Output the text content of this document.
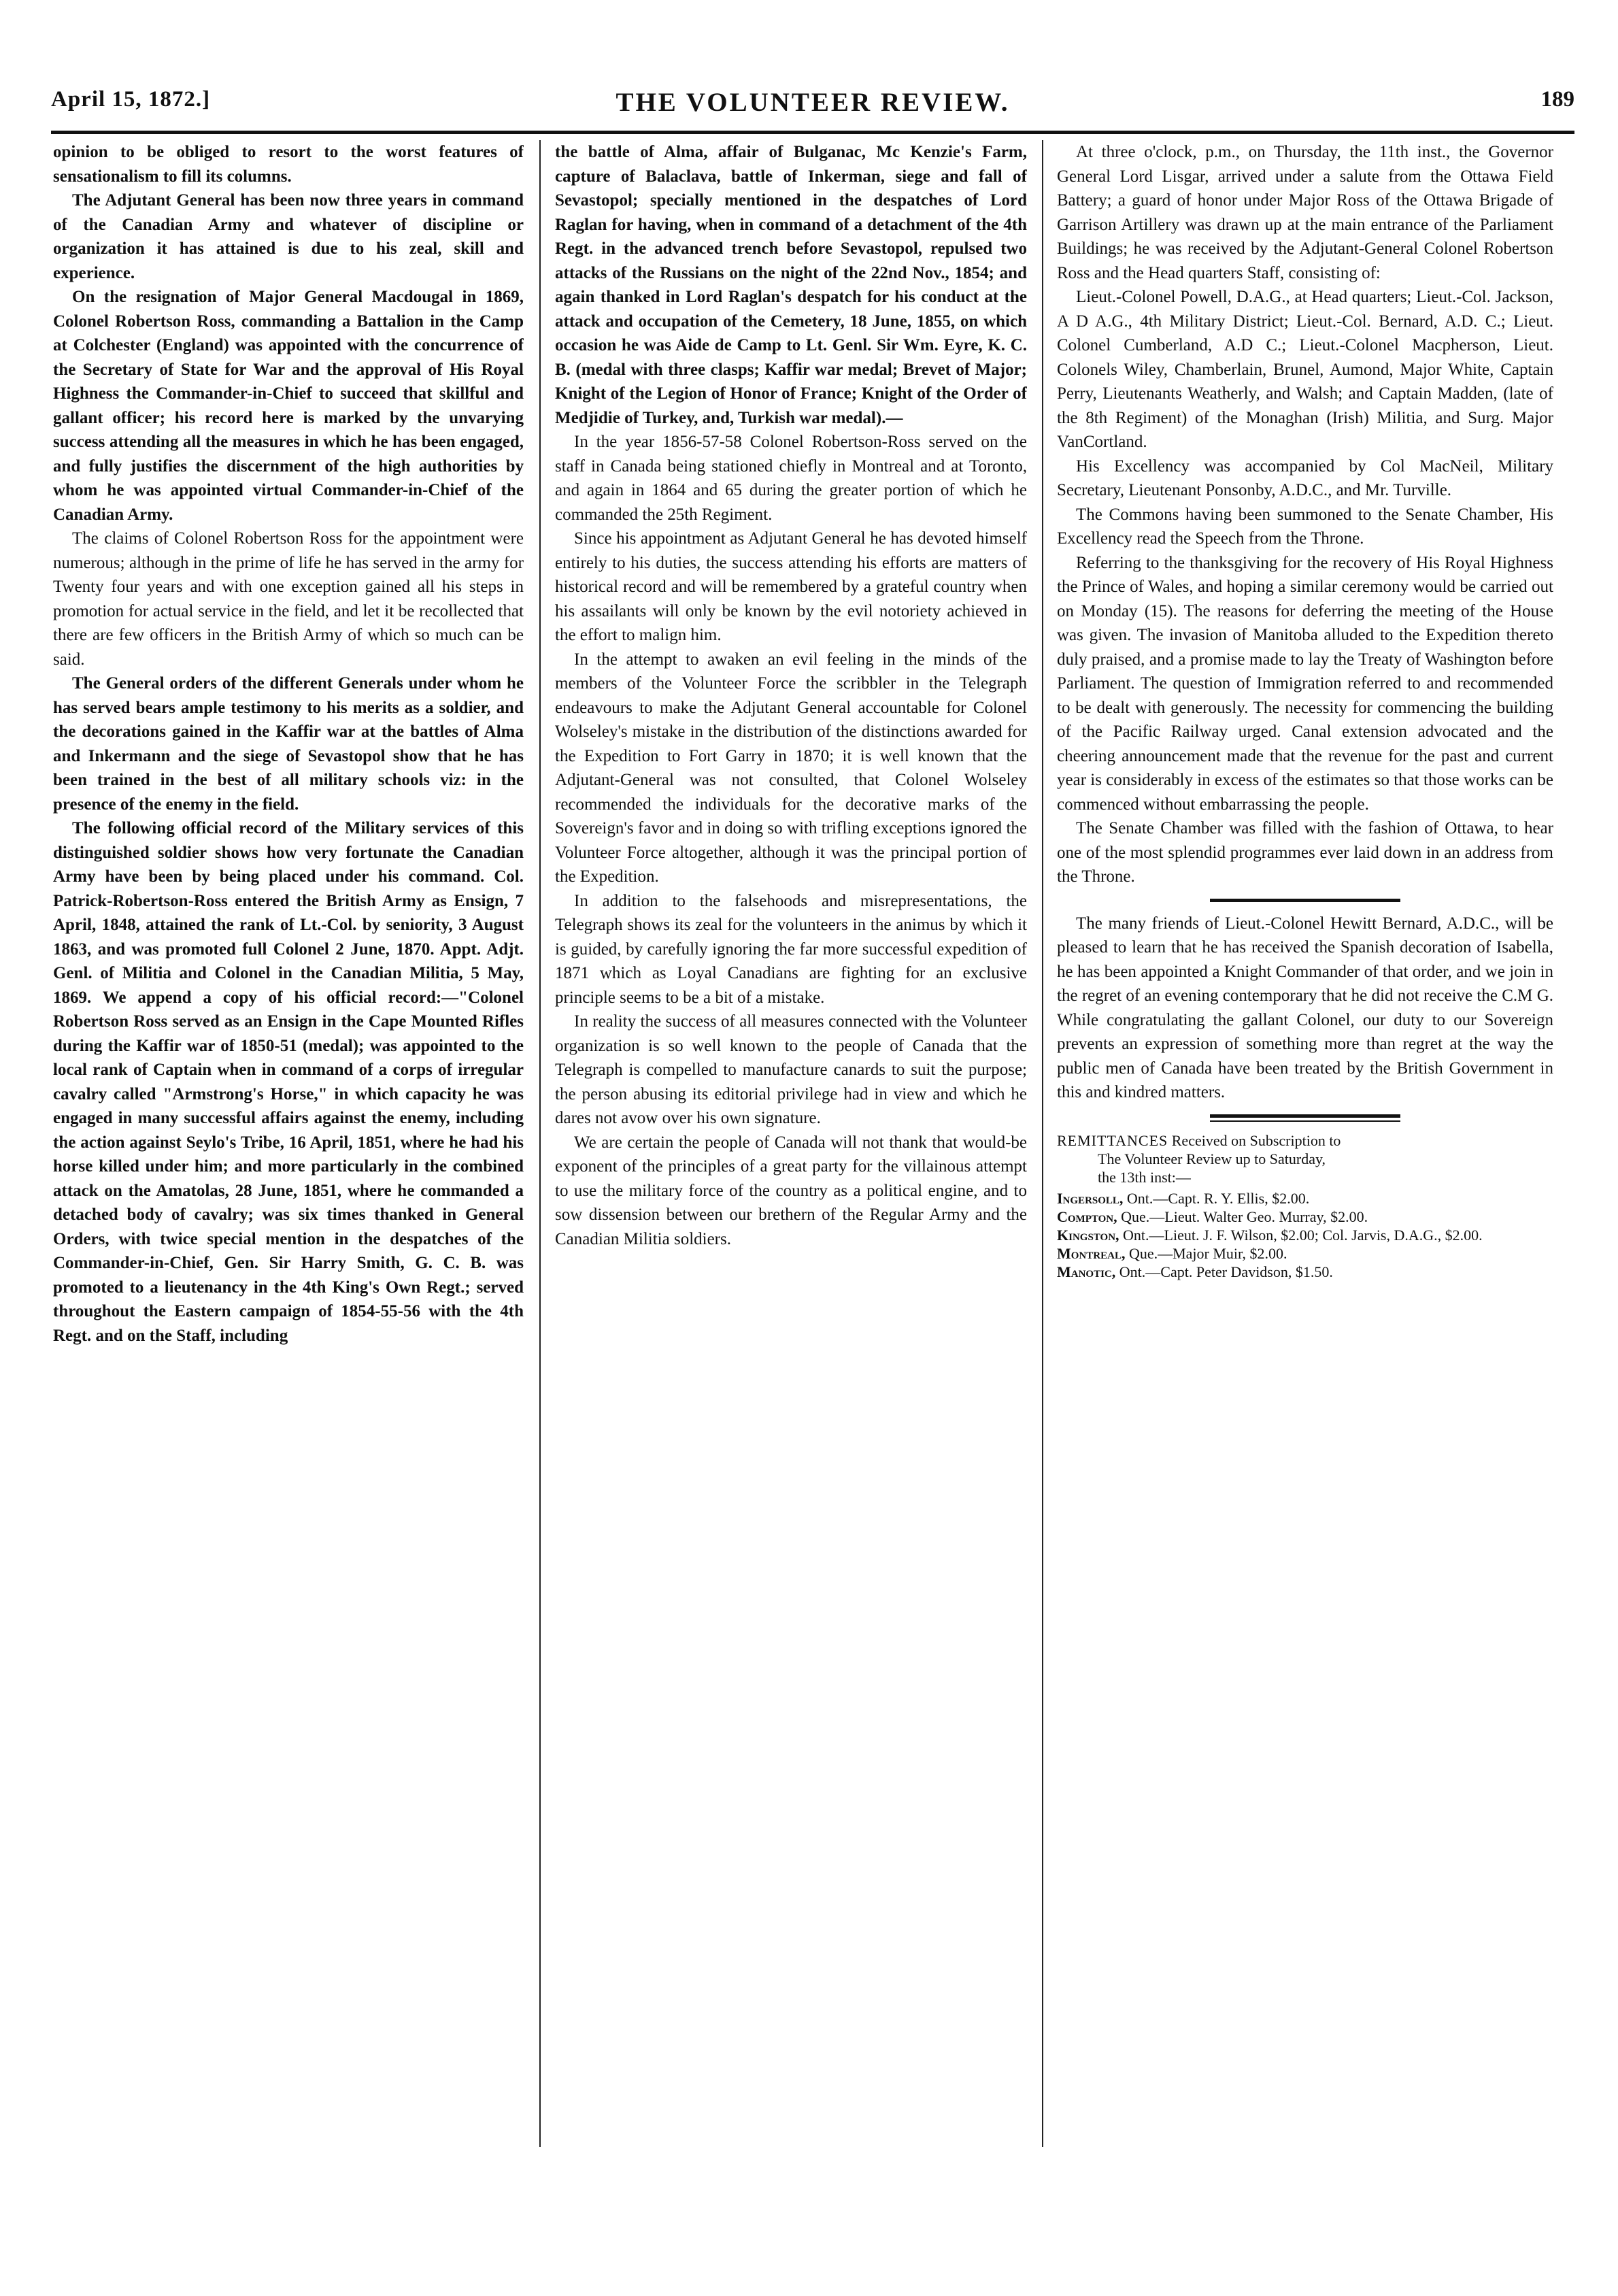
April 15, 1872.]	THE VOLUNTEER REVIEW.	189

opinion to be obliged to resort to the worst features of sensationalism to fill its columns.

The Adjutant General has been now three years in command of the Canadian Army and whatever of discipline or organization it has attained is due to his zeal, skill and experience.

On the resignation of Major General Macdougal in 1869, Colonel Robertson Ross, commanding a Battalion in the Camp at Colchester (England) was appointed with the concurrence of the Secretary of State for War and the approval of His Royal Highness the Commander-in-Chief to succeed that skillful and gallant officer; his record here is marked by the unvarying success attending all the measures in which he has been engaged, and fully justifies the discernment of the high authorities by whom he was appointed virtual Commander-in-Chief of the Canadian Army.

The claims of Colonel Robertson Ross for the appointment were numerous; although in the prime of life he has served in the army for Twenty four years and with one exception gained all his steps in promotion for actual service in the field, and let it be recollected that there are few officers in the British Army of which so much can be said.

The General orders of the different Generals under whom he has served bears ample testimony to his merits as a soldier, and the decorations gained in the Kaffir war at the battles of Alma and Inkermann and the siege of Sevastopol show that he has been trained in the best of all military schools viz: in the presence of the enemy in the field.

The following official record of the Military services of this distinguished soldier shows how very fortunate the Canadian Army have been by being placed under his command. Col. Patrick-Robertson-Ross entered the British Army as Ensign, 7 April, 1848, attained the rank of Lt.-Col. by seniority, 3 August 1863, and was promoted full Colonel 2 June, 1870. Appt. Adjt. Genl. of Militia and Colonel in the Canadian Militia, 5 May, 1869. We append a copy of his official record:—"Colonel Robertson Ross served as an Ensign in the Cape Mounted Rifles during the Kaffir war of 1850-51 (medal); was appointed to the local rank of Captain when in command of a corps of irregular cavalry called "Armstrong's Horse," in which capacity he was engaged in many successful affairs against the enemy, including the action against Seylo's Tribe, 16 April, 1851, where he had his horse killed under him; and more particularly in the combined attack on the Amatolas, 28 June, 1851, where he commanded a detached body of cavalry; was six times thanked in General Orders, with twice special mention in the despatches of the Commander-in-Chief, Gen. Sir Harry Smith, G. C. B. was promoted to a lieutenancy in the 4th King's Own Regt.; served throughout the Eastern campaign of 1854-55-56 with the 4th Regt. and on the Staff, including

the battle of Alma, affair of Bulganac, Mc Kenzie's Farm, capture of Balaclava, battle of Inkerman, siege and fall of Sevastopol; specially mentioned in the despatches of Lord Raglan for having, when in command of a detachment of the 4th Regt. in the advanced trench before Sevastopol, repulsed two attacks of the Russians on the night of the 22nd Nov., 1854; and again thanked in Lord Raglan's despatch for his conduct at the attack and occupation of the Cemetery, 18 June, 1855, on which occasion he was Aide de Camp to Lt. Genl. Sir Wm. Eyre, K. C. B. (medal with three clasps; Kaffir war medal; Brevet of Major; Knight of the Legion of Honor of France; Knight of the Order of Medjidie of Turkey, and, Turkish war medal).—

In the year 1856-57-58 Colonel Robertson-Ross served on the staff in Canada being stationed chiefly in Montreal and at Toronto, and again in 1864 and 65 during the greater portion of which he commanded the 25th Regiment.

Since his appointment as Adjutant General he has devoted himself entirely to his duties, the success attending his efforts are matters of historical record and will be remembered by a grateful country when his assailants will only be known by the evil notoriety achieved in the effort to malign him.

In the attempt to awaken an evil feeling in the minds of the members of the Volunteer Force the scribbler in the Telegraph endeavours to make the Adjutant General accountable for Colonel Wolseley's mistake in the distribution of the distinctions awarded for the Expedition to Fort Garry in 1870; it is well known that the Adjutant-General was not consulted, that Colonel Wolseley recommended the individuals for the decorative marks of the Sovereign's favor and in doing so with trifling exceptions ignored the Volunteer Force altogether, although it was the principal portion of the Expedition.

In addition to the falsehoods and misrepresentations, the Telegraph shows its zeal for the volunteers in the animus by which it is guided, by carefully ignoring the far more successful expedition of 1871 which as Loyal Canadians are fighting for an exclusive principle seems to be a bit of a mistake.

In reality the success of all measures connected with the Volunteer organization is so well known to the people of Canada that the Telegraph is compelled to manufacture canards to suit the purpose; the person abusing its editorial privilege had in view and which he dares not avow over his own signature.

We are certain the people of Canada will not thank that would-be exponent of the principles of a great party for the villainous attempt to use the military force of the country as a political engine, and to sow dissension between our brethern of the Regular Army and the Canadian Militia soldiers.

At three o'clock, p.m., on Thursday, the 11th inst., the Governor General Lord Lisgar, arrived under a salute from the Ottawa Field Battery; a guard of honor under Major Ross of the Ottawa Brigade of Garrison Artillery was drawn up at the main entrance of the Parliament Buildings; he was received by the Adjutant-General Colonel Robertson Ross and the Head quarters Staff, consisting of:

Lieut.-Colonel Powell, D.A.G., at Head quarters; Lieut.-Col. Jackson, A D A.G., 4th Military District; Lieut.-Col. Bernard, A.D. C.; Lieut. Colonel Cumberland, A.D C.; Lieut.-Colonel Macpherson, Lieut. Colonels Wiley, Chamberlain, Brunel, Aumond, Major White, Captain Perry, Lieutenants Weatherly, and Walsh; and Captain Madden, (late of the 8th Regiment) of the Monaghan (Irish) Militia, and Surg. Major VanCortland.

His Excellency was accompanied by Col MacNeil, Military Secretary, Lieutenant Ponsonby, A.D.C., and Mr. Turville.

The Commons having been summoned to the Senate Chamber, His Excellency read the Speech from the Throne.

Referring to the thanksgiving for the recovery of His Royal Highness the Prince of Wales, and hoping a similar ceremony would be carried out on Monday (15). The reasons for deferring the meeting of the House was given. The invasion of Manitoba alluded to the Expedition thereto duly praised, and a promise made to lay the Treaty of Washington before Parliament. The question of Immigration referred to and recommended to be dealt with generously. The necessity for commencing the building of the Pacific Railway urged. Canal extension advocated and the cheering announcement made that the revenue for the past and current year is considerably in excess of the estimates so that those works can be commenced without embarrassing the people.

The Senate Chamber was filled with the fashion of Ottawa, to hear one of the most splendid programmes ever laid down in an address from the Throne.

The many friends of Lieut.-Colonel Hewitt Bernard, A.D.C., will be pleased to learn that he has received the Spanish decoration of Isabella, he has been appointed a Knight Commander of that order, and we join in the regret of an evening contemporary that he did not receive the C.M G. While congratulating the gallant Colonel, our duty to our Sovereign prevents an expression of something more than regret at the way the public men of Canada have been treated by the British Government in this and kindred matters.

REMITTANCES Received on Subscription to

The Volunteer Review up to Saturday,

the 13th inst:—

Ingersoll, Ont.—Capt. R. Y. Ellis, $2.00.
Compton, Que.—Lieut. Walter Geo. Murray, $2.00.
Kingston, Ont.—Lieut. J. F. Wilson, $2.00; Col. Jarvis, D.A.G., $2.00.
Montreal, Que.—Major Muir, $2.00.
Manotic, Ont.—Capt. Peter Davidson, $1.50.
